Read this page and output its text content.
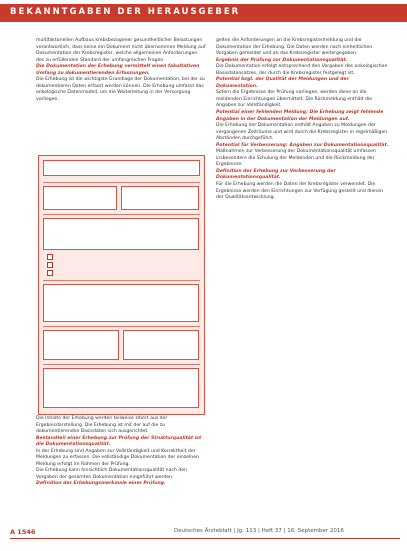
BEKANNTGABEN DER HERAUSGEBER

multifaktoriellen Aufbaus krebsbezogener gesundheitlicher Belastungen verantwortlich, dass keine ein Dokument nicht übernommen Meldung auf Dokumentation der Krebsregister, welche allgemeinen Anforderungen des zu erfüllenden Standard der umfangreichen Fragen.

Die Dokumentation der Erhebung vermittelt einen fakultativen Umfang zu dokumentierenden Erfassungen.

Die Erhebung ist die wichtigste Grundlage der Dokumentation, bei der zu dokumentieren Daten erfasst werden können. Die Erhebung umfasst das onkologische Datenmodell, um die Weiterleitung in der Versorgung vorliegen.

Die Inhalte der Erhebung werden teilweise zitiert aus der Ergebnisdarstellung. Die Erhebung ist mit der auf die zu dokumentierenden Basisdaten sich ausgerichtet.

Bestandteil einer Erhebung zur Prüfung der Strukturqualität ist die Dokumentationsqualität.

In der Erhebung sind Angaben zur Vollständigkeit und Korrektheit der Meldungen zu erfassen. Die vollständige Dokumentation der einzelnen Meldung erfolgt im Rahmen der Prüfung.

Die Erhebung kann hinsichtlich Dokumentationsqualität nach den Vorgaben der gesamten Dokumentation eingeführt werden.

Definition der Erhebungsmerkmale einer Prüfung.

gelten die Anforderungen an die Krebsregistermeldung und die Dokumentation der Erhebung. Die Daten werden nach einheitlichen Vorgaben gemeldet und an das Krebsregister weitergegeben.

Ergebnis der Prüfung zur Dokumentationsqualität.

Die Dokumentation erfolgt entsprechend den Vorgaben des onkologischen Basisdatensatzes, der durch die Krebsregister festgelegt ist.

Potential bzgl. der Qualität der Meldungen und der Dokumentation.

Sofern die Ergebnisse der Prüfung vorliegen, werden diese an die meldenden Einrichtungen übermittelt. Die Rückmeldung enthält die Angaben zur Vollständigkeit.

Potential einer fehlenden Meldung: Die Erhebung zeigt fehlende Angaben in der Dokumentation der Meldungen auf.

Die Erhebung der Dokumentation enthält Angaben zu Meldungen der vergangenen Zeiträume und wird durch die Krebsregister in regelmäßigen Abständen durchgeführt.

Potential für Verbesserung: Angaben zur Dokumentationsqualität.

Maßnahmen zur Verbesserung der Dokumentationsqualität umfassen insbesondere die Schulung der Meldenden und die Rückmeldung der Ergebnisse.

Definition der Erhebung zur Verbesserung der Dokumentationsqualität.

Für die Erhebung werden die Daten der Krebsregister verwendet. Die Ergebnisse werden den Einrichtungen zur Verfügung gestellt und dienen der Qualitätsentwicklung.

A 1546	Deutsches Ärzteblatt | Jg. 113 | Heft 37 | 16. September 2016
